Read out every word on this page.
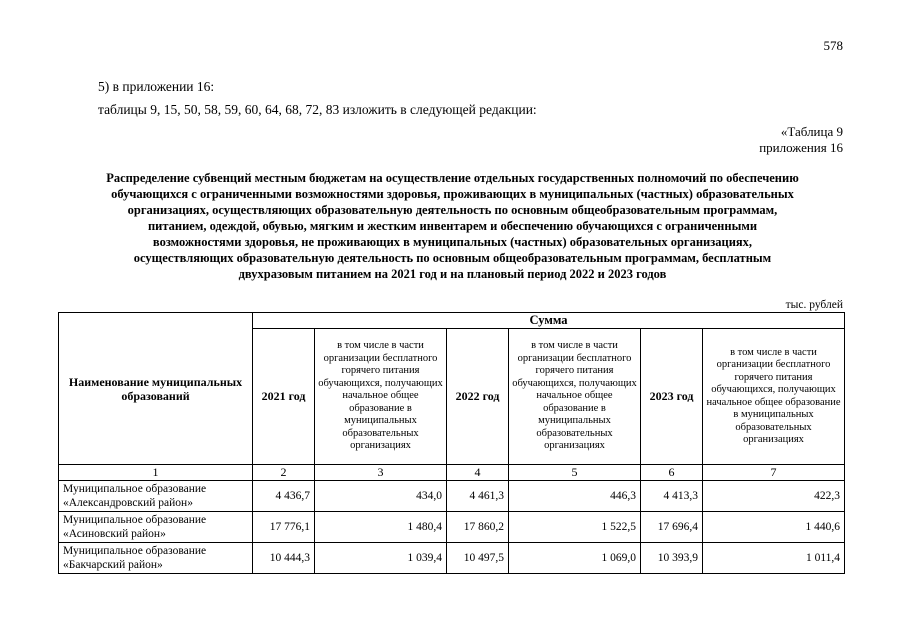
578
5) в приложении 16:
таблицы 9, 15, 50, 58, 59, 60, 64, 68, 72, 83 изложить в следующей редакции:
«Таблица 9
приложения 16
Распределение субвенций местным бюджетам на осуществление отдельных государственных полномочий по обеспечению
обучающихся с ограниченными возможностями здоровья, проживающих в муниципальных (частных) образовательных
организациях, осуществляющих образовательную деятельность по основным общеобразовательным программам,
питанием, одеждой, обувью, мягким и жестким инвентарем и обеспечению обучающихся с ограниченными
возможностями здоровья, не проживающих в муниципальных (частных) образовательных организациях,
осуществляющих образовательную деятельность по основным общеобразовательным программам, бесплатным
двухразовым питанием на 2021 год и на плановый период 2022 и 2023 годов
тыс. рублей
Наименование муниципальных образований	Сумма					
	2021 год	в том числе в части организации бесплатного горячего питания обучающихся, получающих начальное общее образование в муниципальных образовательных организациях	2022 год	в том числе в части организации бесплатного горячего питания обучающихся, получающих начальное общее образование в муниципальных образовательных организациях	2023 год	в том числе в части организации бесплатного горячего питания обучающихся, получающих начальное общее образование в муниципальных образовательных организациях
1	2	3	4	5	6	7

Муниципальное образование
«Александровский район»	4 436,7	434,0	4 461,3	446,3	4 413,3	422,3

Муниципальное образование
«Асиновский район»	17 776,1	1 480,4	17 860,2	1 522,5	17 696,4	1 440,6

Муниципальное образование
«Бакчарский район»	10 444,3	1 039,4	10 497,5	1 069,0	10 393,9	1 011,4
